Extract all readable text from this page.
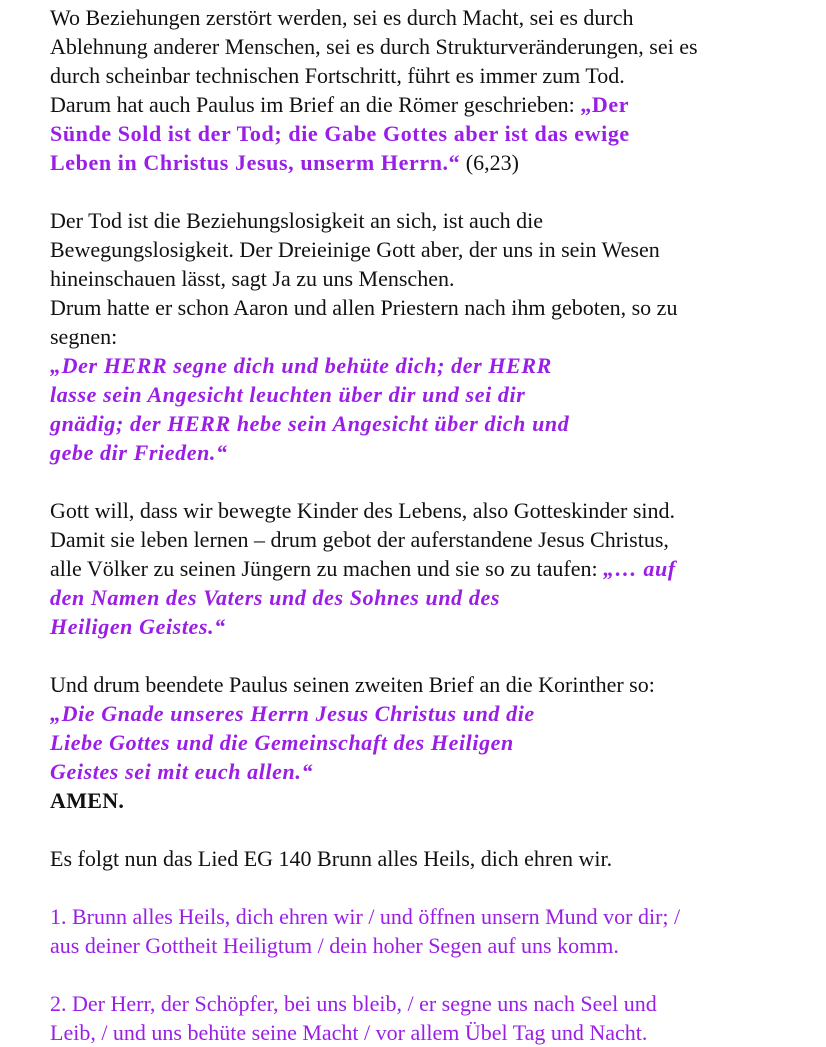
Wo Beziehungen zerstört werden, sei es durch Macht, sei es durch
Ablehnung anderer Menschen, sei es durch Strukturveränderungen, sei es
durch scheinbar technischen Fortschritt, führt es immer zum Tod.
Darum hat auch Paulus im Brief an die Römer geschrieben: „Der
Sünde Sold ist der Tod; die Gabe Gottes aber ist das ewige
Leben in Christus Jesus, unserm Herrn.“ (6,23)
Der Tod ist die Beziehungslosigkeit an sich, ist auch die
Bewegungslosigkeit. Der Dreieinige Gott aber, der uns in sein Wesen
hineinschauen lässt, sagt Ja zu uns Menschen.
Drum hatte er schon Aaron und allen Priestern nach ihm geboten, so zu
segnen:
„Der HERR segne dich und behüte dich; der HERR
lasse sein Angesicht leuchten über dir und sei dir
gnädig; der HERR hebe sein Angesicht über dich und
gebe dir Frieden.“
Gott will, dass wir bewegte Kinder des Lebens, also Gotteskinder sind.
Damit sie leben lernen – drum gebot der auferstandene Jesus Christus,
alle Völker zu seinen Jüngern zu machen und sie so zu taufen: „… auf
den Namen des Vaters und des Sohnes und des
Heiligen Geistes.“
Und drum beendete Paulus seinen zweiten Brief an die Korinther so:
„Die Gnade unseres Herrn Jesus Christus und die
Liebe Gottes und die Gemeinschaft des Heiligen
Geistes sei mit euch allen.“
AMEN.
Es folgt nun das Lied EG 140 Brunn alles Heils, dich ehren wir.
1. Brunn alles Heils, dich ehren wir / und öffnen unsern Mund vor dir; /
aus deiner Gottheit Heiligtum / dein hoher Segen auf uns komm.
2. Der Herr, der Schöpfer, bei uns bleib, / er segne uns nach Seel und
Leib, / und uns behüte seine Macht / vor allem Übel Tag und Nacht.
